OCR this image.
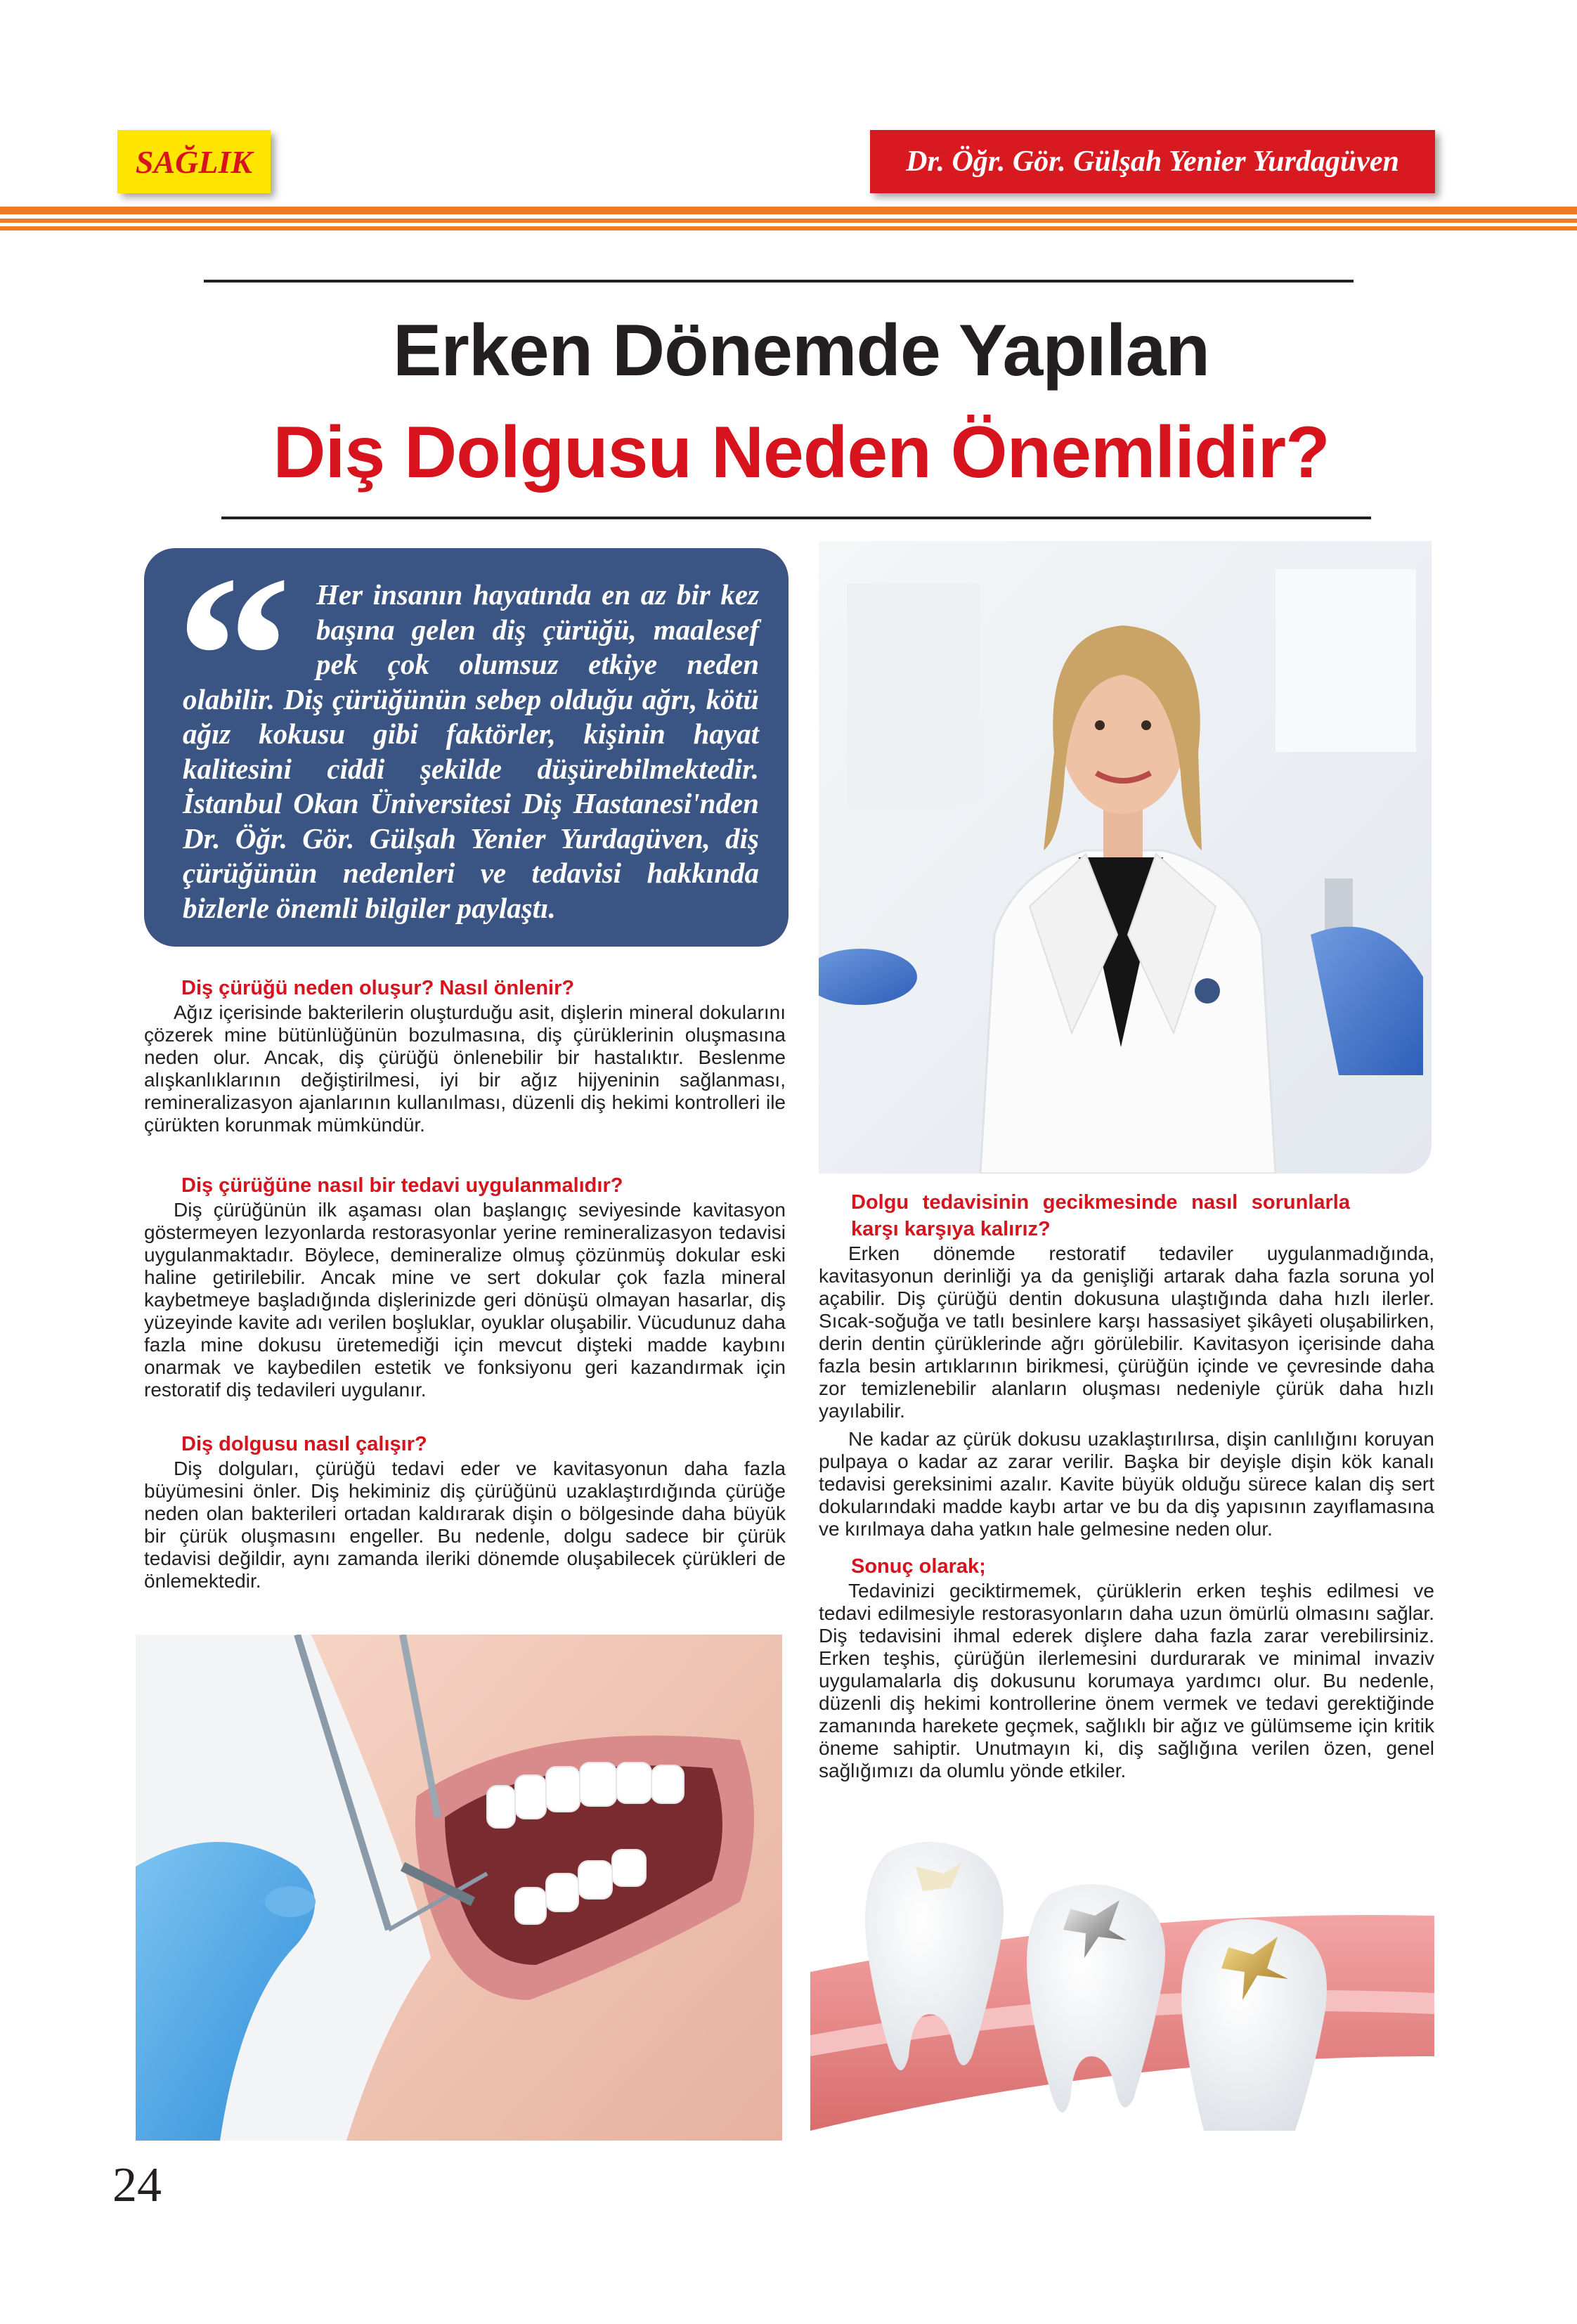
SAĞLIK	Dr. Öğr. Gör. Gülşah Yenier Yurdagüven
Erken Dönemde Yapılan
Diş Dolgusu Neden Önemlidir?
“ Her insanın hayatında en az bir kez başına gelen diş çürüğü, maalesef pek çok olumsuz etkiye neden olabilir. Diş çürüğünün sebep olduğu ağrı, kötü ağız kokusu gibi faktörler, kişinin hayat kalitesini ciddi şekilde düşürebilmektedir. İstanbul Okan Üniversitesi Diş Hastanesi'nden Dr. Öğr. Gör. Gülşah Yenier Yurdagüven, diş çürüğünün nedenleri ve tedavisi hakkında bizlerle önemli bilgiler paylaştı.
Diş çürüğü neden oluşur? Nasıl önlenir?

Ağız içerisinde bakterilerin oluşturduğu asit, dişlerin mineral dokularını çözerek mine bütünlüğünün bozulmasına, diş çürüklerinin oluşmasına neden olur. Ancak, diş çürüğü önlenebilir bir hastalıktır. Beslenme alışkanlıklarının değiştirilmesi, iyi bir ağız hijyeninin sağlanması, remineralizasyon ajanlarının kullanılması, düzenli diş hekimi kontrolleri ile çürükten korunmak mümkündür.

Diş çürüğüne nasıl bir tedavi uygulanmalıdır?

Diş çürüğünün ilk aşaması olan başlangıç seviyesinde kavitasyon göstermeyen lezyonlarda restorasyonlar yerine remineralizasyon tedavisi uygulanmaktadır. Böylece, demineralize olmuş çözünmüş dokular eski haline getirilebilir. Ancak mine ve sert dokular çok fazla mineral kaybetmeye başladığında dişlerinizde geri dönüşü olmayan hasarlar, diş yüzeyinde kavite adı verilen boşluklar, oyuklar oluşabilir. Vücudunuz daha fazla mine dokusu üretemediği için mevcut dişteki madde kaybını onarmak ve kaybedilen estetik ve fonksiyonu geri kazandırmak için restoratif diş tedavileri uygulanır.

Diş dolgusu nasıl çalışır?

Diş dolguları, çürüğü tedavi eder ve kavitasyonun daha fazla büyümesini önler. Diş hekiminiz diş çürüğünü uzaklaştırdığında çürüğe neden olan bakterileri ortadan kaldırarak dişin o bölgesinde daha büyük bir çürük oluşmasını engeller. Bu nedenle, dolgu sadece bir çürük tedavisi değildir, aynı zamanda ileriki dönemde oluşabilecek çürükleri de önlemektedir.

Dolgu tedavisinin gecikmesinde nasıl sorunlarla karşı karşıya kalırız?

Erken dönemde restoratif tedaviler uygulanmadığında, kavitasyonun derinliği ya da genişliği artarak daha fazla soruna yol açabilir. Diş çürüğü dentin dokusuna ulaştığında daha hızlı ilerler. Sıcak-soğuğa ve tatlı besinlere karşı hassasiyet şikâyeti oluşabilirken, derin dentin çürüklerinde ağrı görülebilir. Kavitasyon içerisinde daha fazla besin artıklarının birikmesi, çürüğün içinde ve çevresinde daha zor temizlenebilir alanların oluşması nedeniyle çürük daha hızlı yayılabilir.

Ne kadar az çürük dokusu uzaklaştırılırsa, dişin canlılığını koruyan pulpaya o kadar az zarar verilir. Başka bir deyişle dişin kök kanalı tedavisi gereksinimi azalır. Kavite büyük olduğu sürece kalan diş sert dokularındaki madde kaybı artar ve bu da diş yapısının zayıflamasına ve kırılmaya daha yatkın hale gelmesine neden olur.

Sonuç olarak;

Tedavinizi geciktirmemek, çürüklerin erken teşhis edilmesi ve tedavi edilmesiyle restorasyonların daha uzun ömürlü olmasını sağlar. Diş tedavisini ihmal ederek dişlere daha fazla zarar verebilirsiniz. Erken teşhis, çürüğün ilerlemesini durdurarak ve minimal invaziv uygulamalarla diş dokusunu korumaya yardımcı olur. Bu nedenle, düzenli diş hekimi kontrollerine önem vermek ve tedavi gerektiğinde zamanında harekete geçmek, sağlıklı bir ağız ve gülümseme için kritik öneme sahiptir. Unutmayın ki, diş sağlığına verilen özen, genel sağlığımızı da olumlu yönde etkiler.

24
